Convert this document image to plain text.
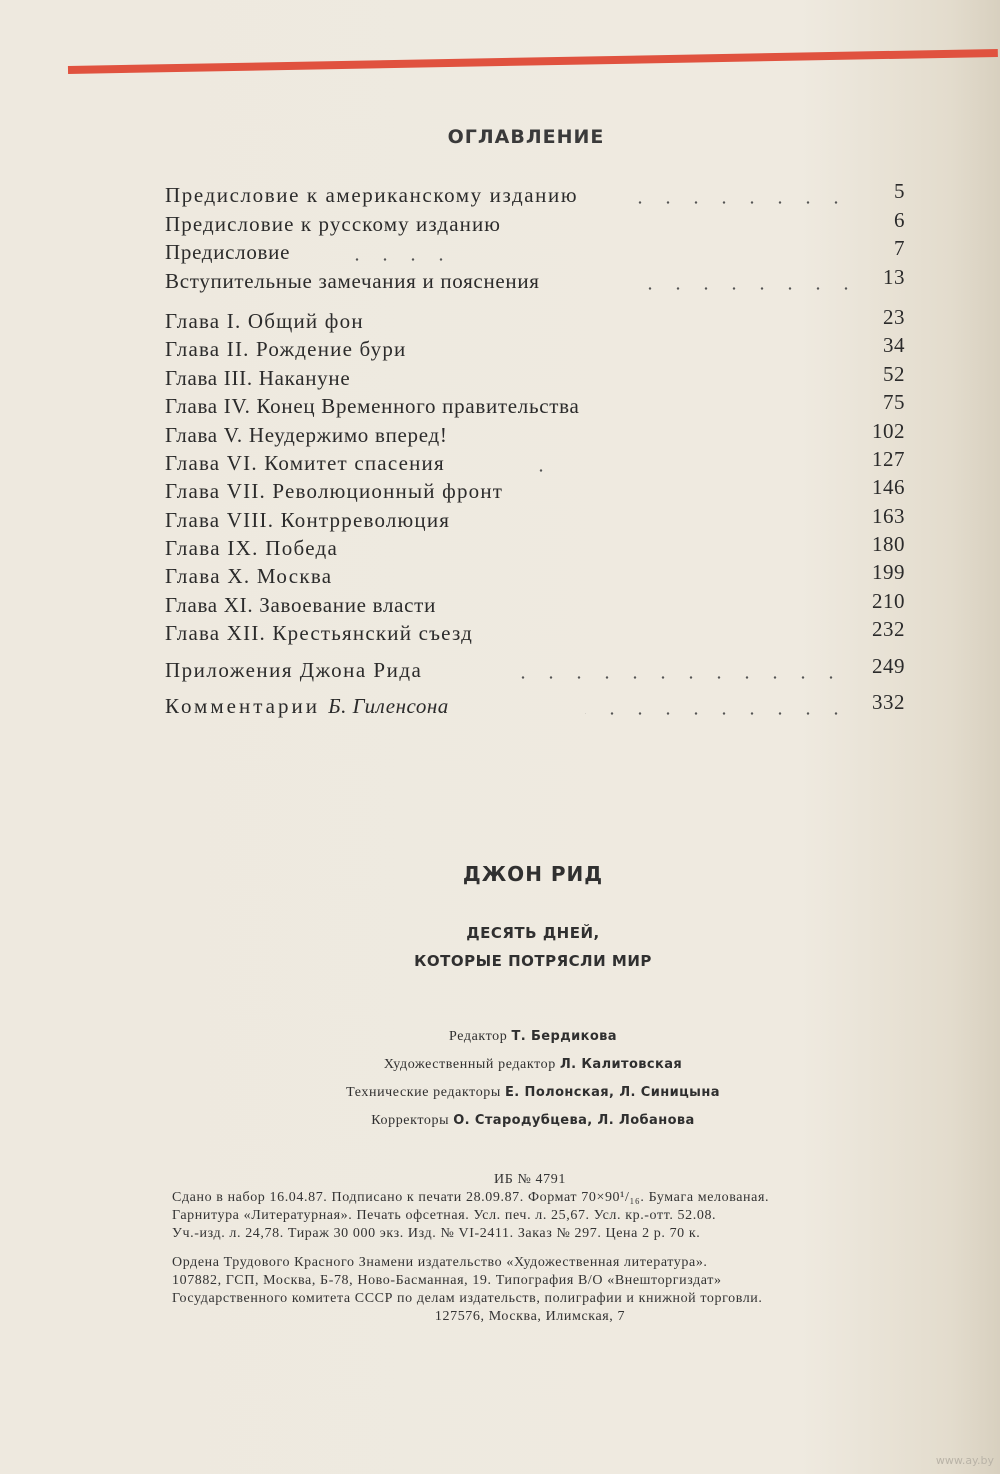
ОГЛАВЛЕНИЕ
Предисловие к американскому изданию	5
Предисловие к русскому изданию	6
Предисловие	7
Вступительные замечания и пояснения	13
Глава I. Общий фон	23
Глава II. Рождение бури	34
Глава III. Накануне	52
Глава IV. Конец Временного правительства	75
Глава V. Неудержимо вперед!	102
Глава VI. Комитет спасения	127
Глава VII. Революционный фронт	146
Глава VIII. Контрреволюция	163
Глава IX. Победа	180
Глава X. Москва	199
Глава XI. Завоевание власти	210
Глава XII. Крестьянский съезд	232
Приложения Джона Рида	249
Комментарии Б. Гиленсона	332
ДЖОН РИД
ДЕСЯТЬ ДНЕЙ,
КОТОРЫЕ ПОТРЯСЛИ МИР
Редактор Т. Бердикова
Художественный редактор Л. Калитовская
Технические редакторы Е. Полонская, Л. Синицына
Корректоры О. Стародубцева, Л. Лобанова
ИБ № 4791
Сдано в набор 16.04.87. Подписано к печати 28.09.87. Формат 70×90¹/₁₆. Бумага мелованая.
Гарнитура «Литературная». Печать офсетная. Усл. печ. л. 25,67. Усл. кр.-отт. 52.08.
Уч.-изд. л. 24,78. Тираж 30 000 экз. Изд. № VI-2411. Заказ № 297. Цена 2 р. 70 к.
Ордена Трудового Красного Знамени издательство «Художественная литература».
107882, ГСП, Москва, Б-78, Ново-Басманная, 19. Типография В/О «Внешторгиздат»
Государственного комитета СССР по делам издательств, полиграфии и книжной торговли.
127576, Москва, Илимская, 7
www.ay.by
